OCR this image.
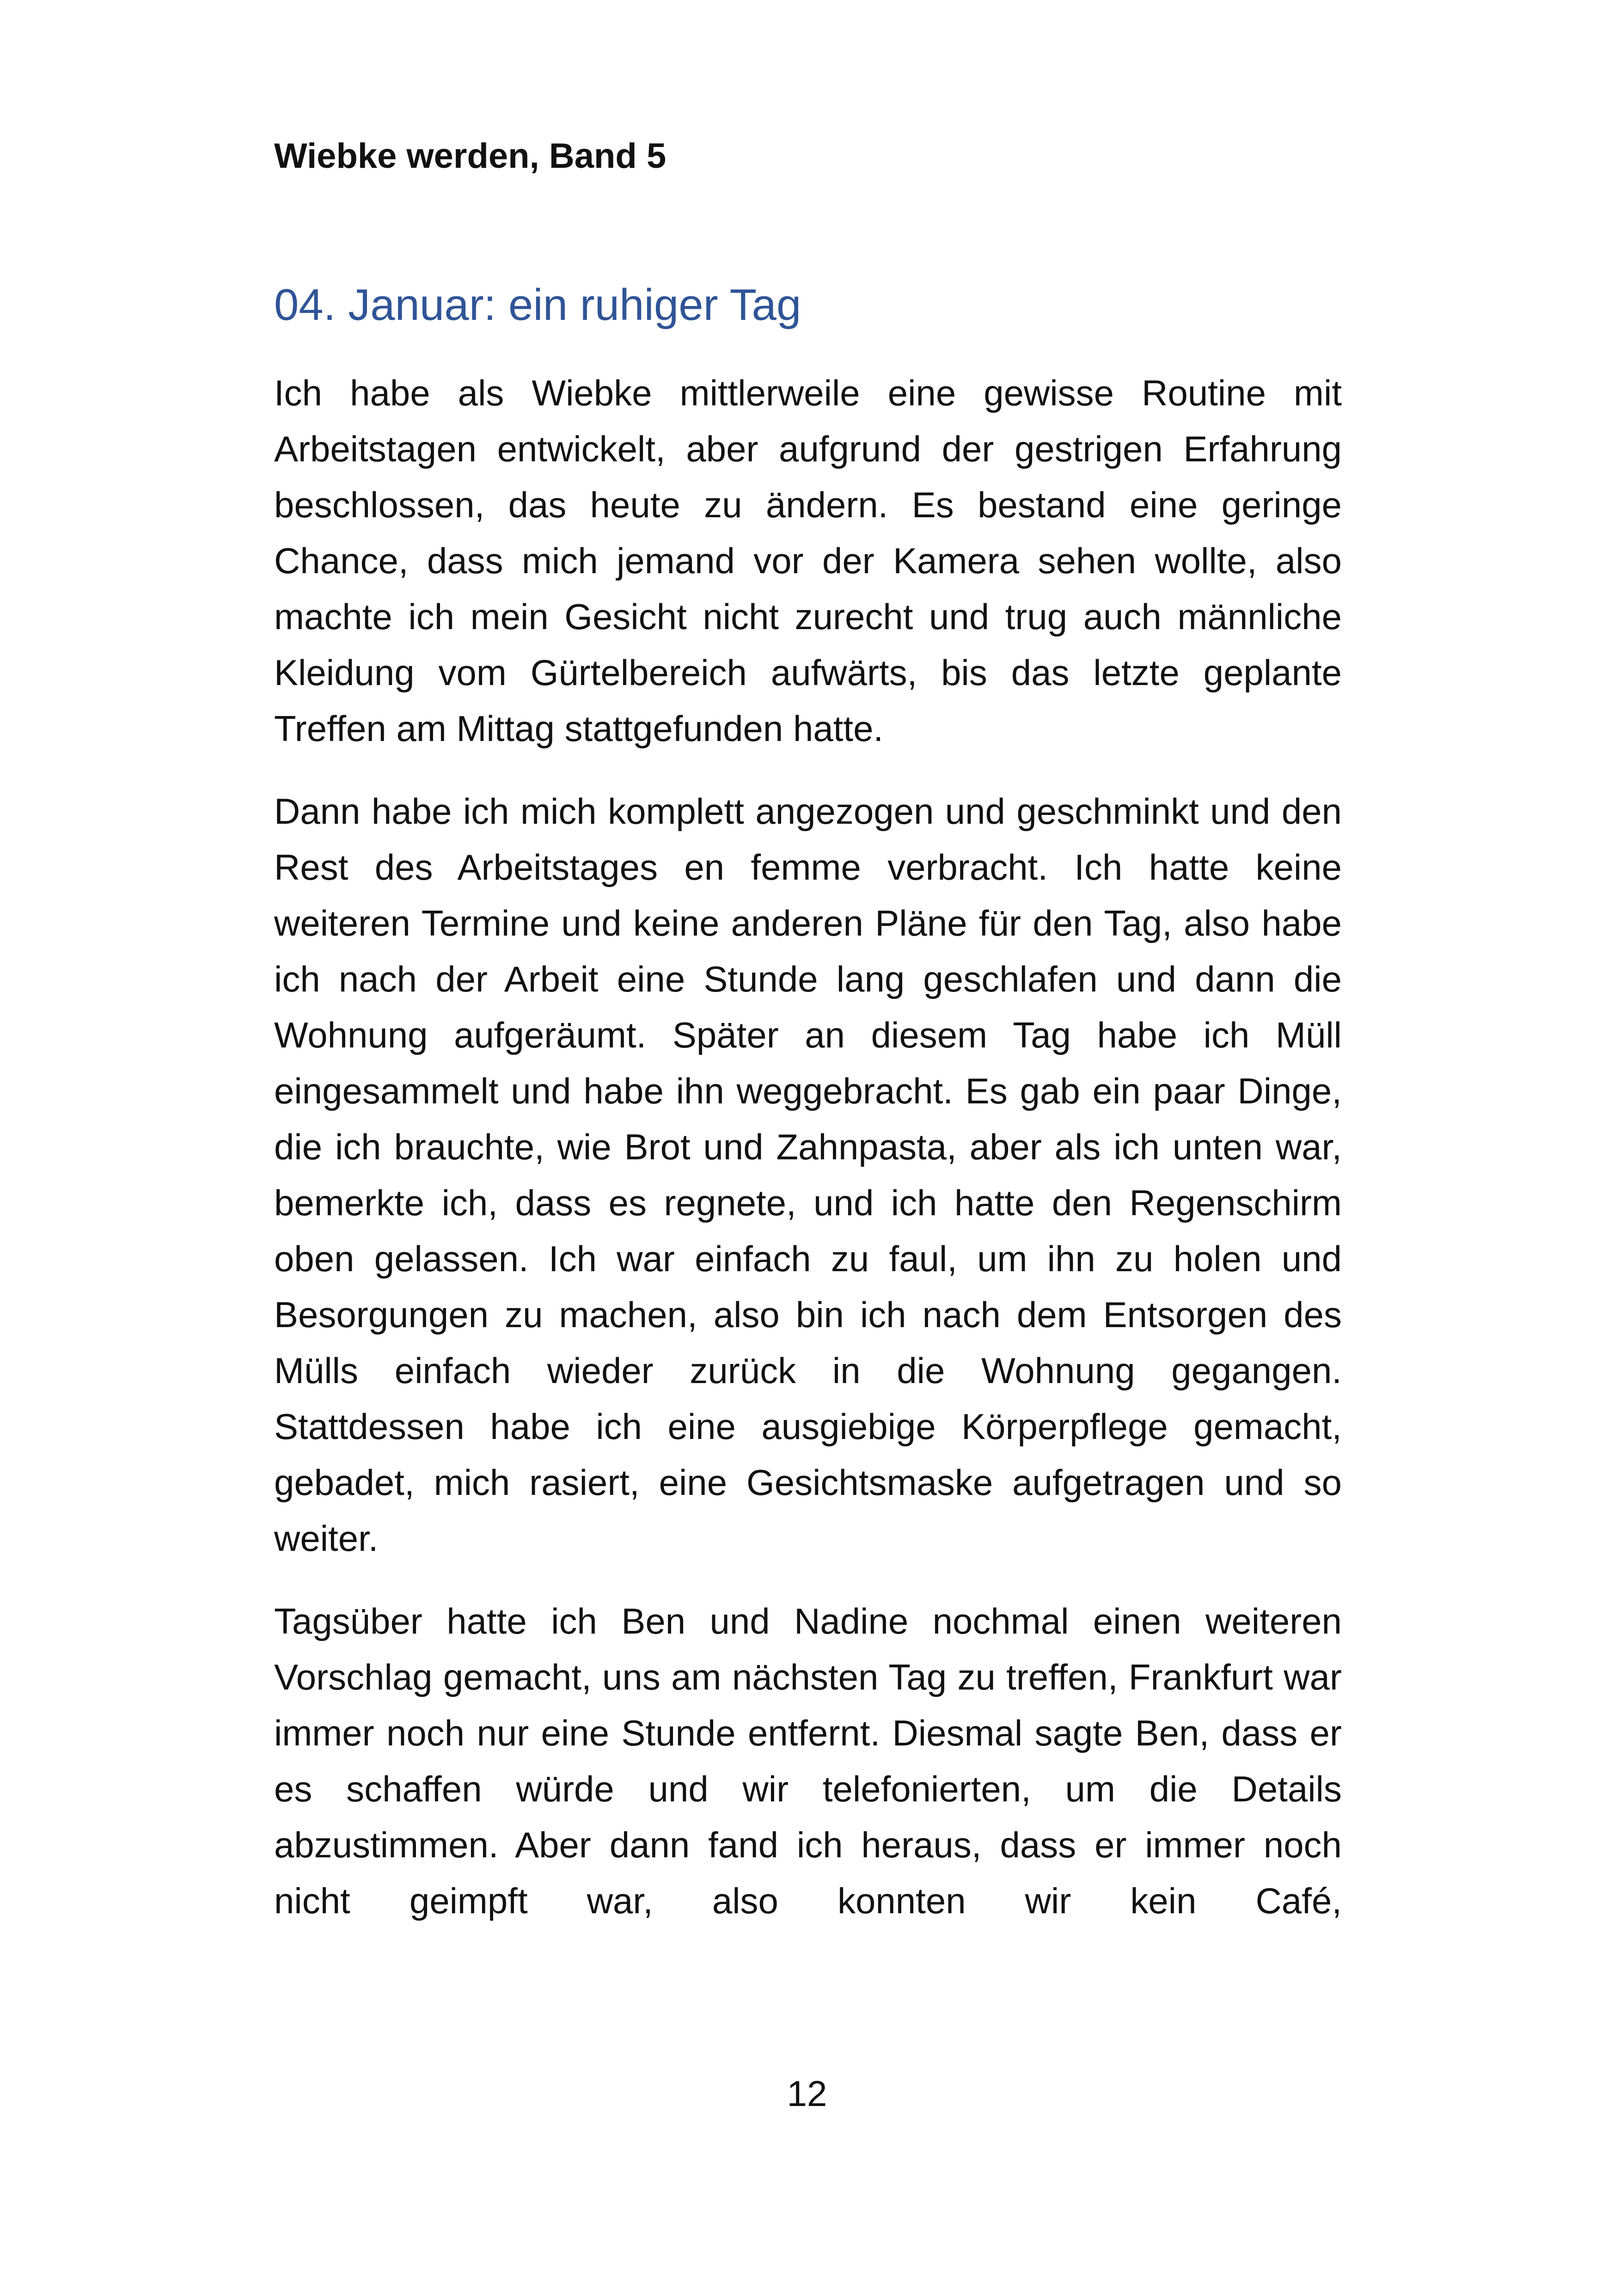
Wiebke werden, Band 5
04. Januar: ein ruhiger Tag

Ich habe als Wiebke mittlerweile eine gewisse Routine mit Arbeitstagen entwickelt, aber aufgrund der gestrigen Erfahrung beschlossen, das heute zu ändern. Es bestand eine geringe Chance, dass mich jemand vor der Kamera sehen wollte, also machte ich mein Gesicht nicht zurecht und trug auch männliche Kleidung vom Gürtelbereich aufwärts, bis das letzte geplante Treffen am Mittag stattgefunden hatte.

Dann habe ich mich komplett angezogen und geschminkt und den Rest des Arbeitstages en femme verbracht. Ich hatte keine weiteren Termine und keine anderen Pläne für den Tag, also habe ich nach der Arbeit eine Stunde lang geschlafen und dann die Wohnung aufgeräumt. Später an diesem Tag habe ich Müll eingesammelt und habe ihn weggebracht. Es gab ein paar Dinge, die ich brauchte, wie Brot und Zahnpasta, aber als ich unten war, bemerkte ich, dass es regnete, und ich hatte den Regenschirm oben gelassen. Ich war einfach zu faul, um ihn zu holen und Besorgungen zu machen, also bin ich nach dem Entsorgen des Mülls einfach wieder zurück in die Wohnung gegangen. Stattdessen habe ich eine ausgiebige Körperpflege gemacht, gebadet, mich rasiert, eine Gesichtsmaske aufgetragen und so weiter.

Tagsüber hatte ich Ben und Nadine nochmal einen weiteren Vorschlag gemacht, uns am nächsten Tag zu treffen, Frankfurt war immer noch nur eine Stunde entfernt. Diesmal sagte Ben, dass er es schaffen würde und wir telefonierten, um die Details abzustimmen. Aber dann fand ich heraus, dass er immer noch nicht geimpft war, also konnten wir kein Café,

12
